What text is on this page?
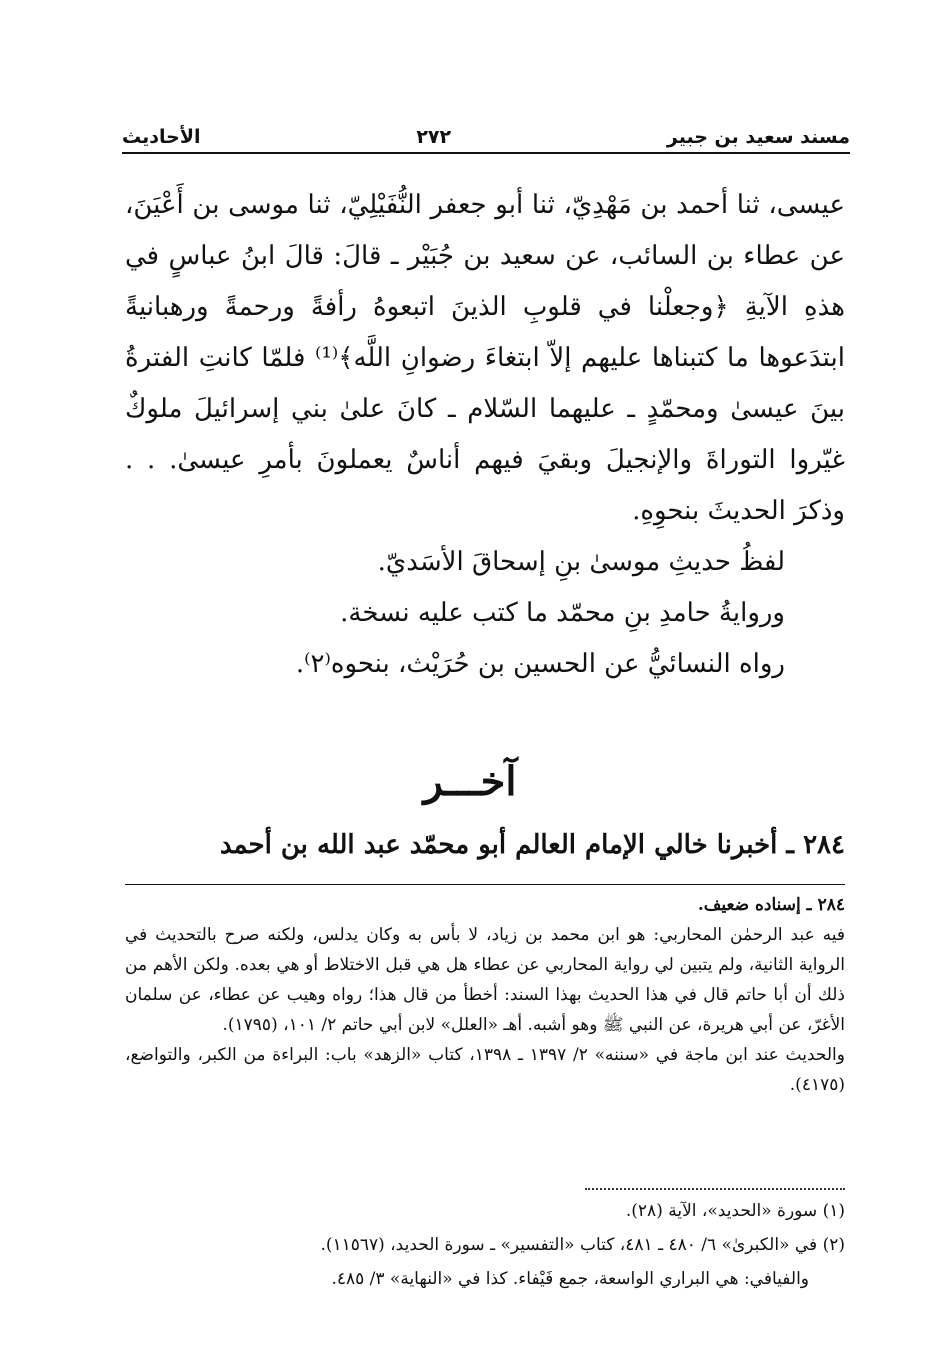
مسند سعيد بن جبير
٢٧٢
الأحاديث

عيسى، ثنا أحمد بن مَهْدِيّ، ثنا أبو جعفر النُّفَيْلِيّ، ثنا موسى بن أَعْيَنَ، عن عطاء بن السائب، عن سعيد بن جُبَيْر ـ قالَ: قالَ ابنُ عباسٍ في هذهِ الآيةِ ﴿وجعلْنا في قلوبِ الذينَ اتبعوهُ رأفةً ورحمةً ورهبانيةً ابتدَعوها ما كتبناها عليهم إلاّ ابتغاءَ رضوانِ اللَّه﴾⁽¹⁾ فلمّا كانتِ الفترةُ بينَ عيسىٰ ومحمّدٍ ـ عليهما السّلام ـ كانَ علىٰ بني إسرائيلَ ملوكٌ غيّروا التوراةَ والإنجيلَ وبقيَ فيهم أناسٌ يعملونَ بأمرِ عيسىٰ. . . وذكرَ الحديثَ بنحوِهِ.

لفظُ حديثِ موسىٰ بنِ إسحاقَ الأسَديّ.

وروايةُ حامدِ بنِ محمّد ما كتب عليه نسخة.

رواه النسائيُّ عن الحسين بن حُرَيْث، بنحوه⁽٢⁾.

آخـــر
٢٨٤ ـ أخبرنا خالي الإمام العالم أبو محمّد عبد الله بن أحمد

٢٨٤ ـ إسناده ضعيف.

فيه عبد الرحمٰن المحاربي: هو ابن محمد بن زياد، لا بأس به وكان يدلس، ولكنه صرح بالتحديث في الرواية الثانية، ولم يتبين لي رواية المحاربي عن عطاء هل هي قبل الاختلاط أو هي بعده. ولكن الأهم من ذلك أن أبا حاتم قال في هذا الحديث بهذا السند: أخطأ من قال هذا؛ رواه وهيب عن عطاء، عن سلمان الأغرّ، عن أبي هريرة، عن النبي ﷺ وهو أشبه. أهـ «العلل» لابن أبي حاتم ٢/ ١٠١، (١٧٩٥).

والحديث عند ابن ماجة في «سننه» ٢/ ١٣٩٧ ـ ١٣٩٨، كتاب «الزهد» باب: البراءة من الكبر، والتواضع، (٤١٧٥).

(١) سورة «الحديد»، الآية (٢٨).

(٢) في «الكبرىٰ» ٦/ ٤٨٠ ـ ٤٨١، كتاب «التفسير» ـ سورة الحديد، (١١٥٦٧).

والفيافي: هي البراري الواسعة، جمع فَيْفاء. كذا في «النهاية» ٣/ ٤٨٥.
